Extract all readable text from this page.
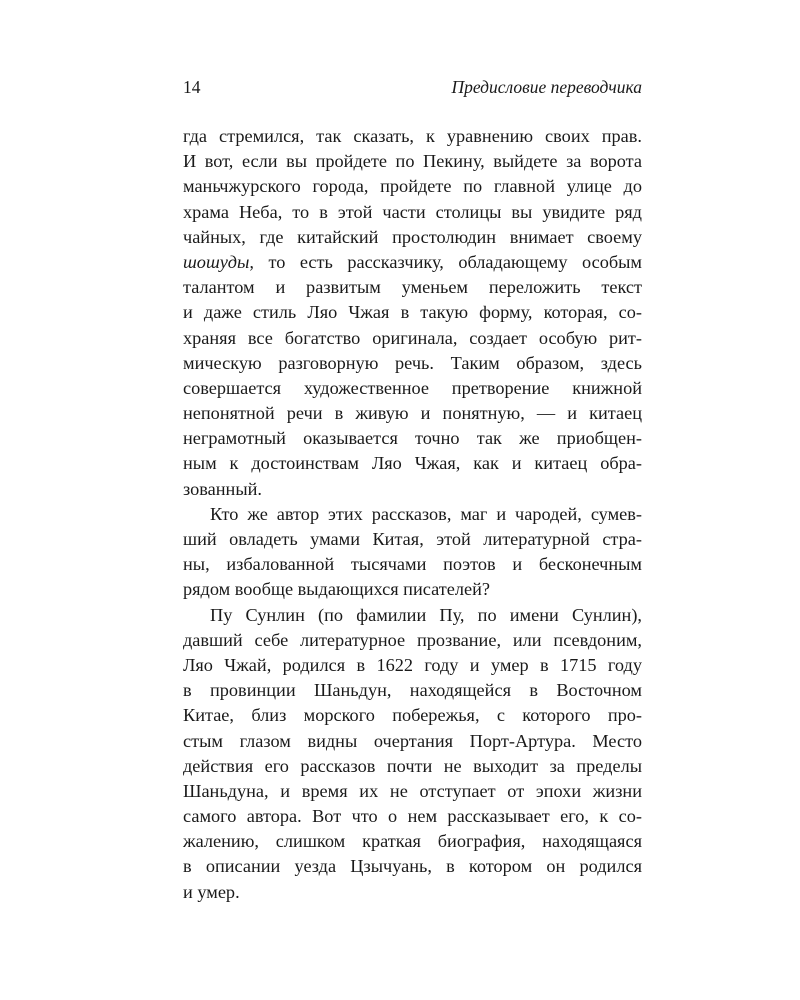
14	Предисловие переводчика
гда стремился, так сказать, к уравнению своих прав.
И вот, если вы пройдете по Пекину, выйдете за ворота
маньчжурского города, пройдете по главной улице до
храма Неба, то в этой части столицы вы увидите ряд
чайных, где китайский простолюдин внимает своему
шошуды, то есть рассказчику, обладающему особым
талантом и развитым уменьем переложить текст
и даже стиль Ляо Чжая в такую форму, которая, со-
храняя все богатство оригинала, создает особую рит-
мическую разговорную речь. Таким образом, здесь
совершается художественное претворение книжной
непонятной речи в живую и понятную, — и китаец
неграмотный оказывается точно так же приобщен-
ным к достоинствам Ляо Чжая, как и китаец обра-
зованный.
Кто же автор этих рассказов, маг и чародей, сумев-
ший овладеть умами Китая, этой литературной стра-
ны, избалованной тысячами поэтов и бесконечным
рядом вообще выдающихся писателей?
Пу Сунлин (по фамилии Пу, по имени Сунлин),
давший себе литературное прозвание, или псевдоним,
Ляо Чжай, родился в 1622 году и умер в 1715 году
в провинции Шаньдун, находящейся в Восточном
Китае, близ морского побережья, с которого про-
стым глазом видны очертания Порт-Артура. Место
действия его рассказов почти не выходит за пределы
Шаньдуна, и время их не отступает от эпохи жизни
самого автора. Вот что о нем рассказывает его, к со-
жалению, слишком краткая биография, находящаяся
в описании уезда Цзычуань, в котором он родился
и умер.
